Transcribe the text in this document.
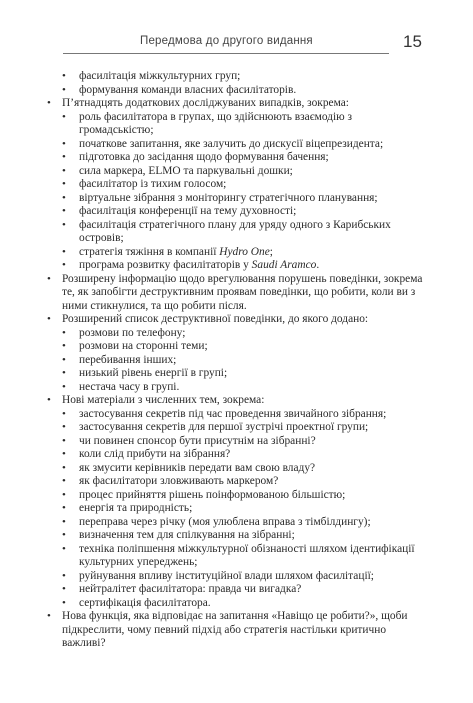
Передмова до другого видання	15
• фасилітація міжкультурних груп;
• формування команди власних фасилітаторів.
• П’ятнадцять додаткових досліджуваних випадків, зокрема:
• роль фасилітатора в групах, що здійснюють взаємодію з громадськістю;
• початкове запитання, яке залучить до дискусії віцепрезидента;
• підготовка до засідання щодо формування бачення;
• сила маркера, ELMO та паркувальні дошки;
• фасилітатор із тихим голосом;
• віртуальне зібрання з моніторингу стратегічного планування;
• фасилітація конференції на тему духовності;
• фасилітація стратегічного плану для уряду одного з Карибських островів;
• стратегія тяжіння в компанії Hydro One;
• програма розвитку фасилітаторів у Saudi Aramco.
• Розширену інформацію щодо врегулювання порушень поведінки, зокрема те, як запобігти деструктивним проявам поведінки, що робити, коли ви з ними стикнулися, та що робити після.
• Розширений список деструктивної поведінки, до якого додано:
• розмови по телефону;
• розмови на сторонні теми;
• перебивання інших;
• низький рівень енергії в групі;
• нестача часу в групі.
• Нові матеріали з численних тем, зокрема:
• застосування секретів під час проведення звичайного зібрання;
• застосування секретів для першої зустрічі проектної групи;
• чи повинен спонсор бути присутнім на зібранні?
• коли слід прибути на зібрання?
• як змусити керівників передати вам свою владу?
• як фасилітатори зловживають маркером?
• процес прийняття рішень поінформованою більшістю;
• енергія та природність;
• переправа через річку (моя улюблена вправа з тімбілдингу);
• визначення тем для спілкування на зібранні;
• техніка поліпшення міжкультурної обізнаності шляхом ідентифікації культурних упереджень;
• руйнування впливу інституційної влади шляхом фасилітації;
• нейтралітет фасилітатора: правда чи вигадка?
• сертифікація фасилітатора.
• Нова функція, яка відповідає на запитання «Навіщо це робити?», щоби підкреслити, чому певний підхід або стратегія настільки критично важливі?
